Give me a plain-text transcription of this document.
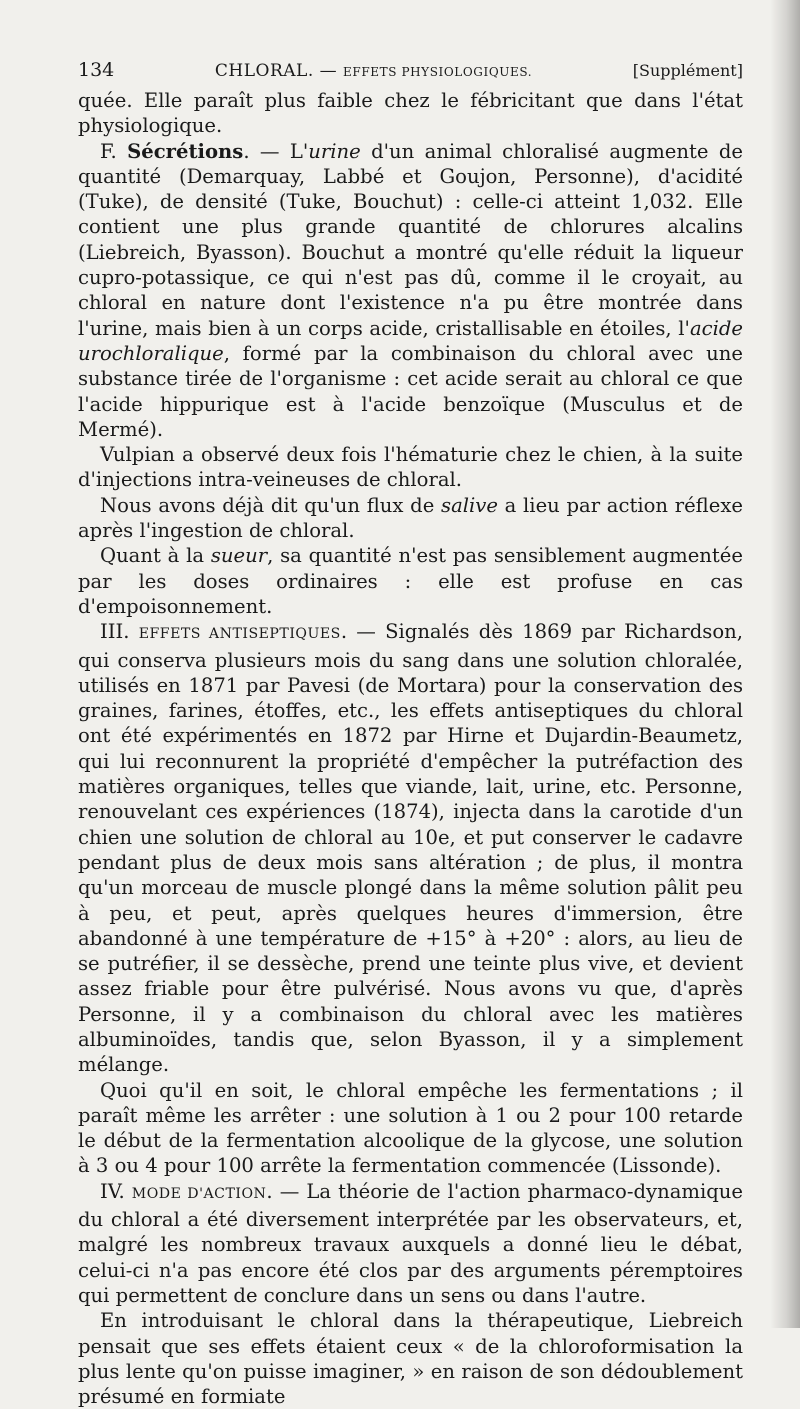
134	CHLORAL. — EFFETS PHYSIOLOGIQUES.	[Supplément]

quée. Elle paraît plus faible chez le fébricitant que dans l'état physiologique.

F. Sécrétions. — L'urine d'un animal chloralisé augmente de quantité (Demarquay, Labbé et Goujon, Personne), d'acidité (Tuke), de densité (Tuke, Bouchut) : celle-ci atteint 1,032. Elle contient une plus grande quantité de chlorures alcalins (Liebreich, Byasson). Bouchut a montré qu'elle réduit la liqueur cupro-potassique, ce qui n'est pas dû, comme il le croyait, au chloral en nature dont l'existence n'a pu être montrée dans l'urine, mais bien à un corps acide, cristallisable en étoiles, l'acide urochloralique, formé par la combinaison du chloral avec une substance tirée de l'organisme : cet acide serait au chloral ce que l'acide hippurique est à l'acide benzoïque (Musculus et de Mermé).

Vulpian a observé deux fois l'hématurie chez le chien, à la suite d'injections intra-veineuses de chloral.

Nous avons déjà dit qu'un flux de salive a lieu par action réflexe après l'ingestion de chloral.

Quant à la sueur, sa quantité n'est pas sensiblement augmentée par les doses ordinaires : elle est profuse en cas d'empoisonnement.

III. EFFETS ANTISEPTIQUES. — Signalés dès 1869 par Richardson, qui conserva plusieurs mois du sang dans une solution chloralée, utilisés en 1871 par Pavesi (de Mortara) pour la conservation des graines, farines, étoffes, etc., les effets antiseptiques du chloral ont été expérimentés en 1872 par Hirne et Dujardin-Beaumetz, qui lui reconnurent la propriété d'empêcher la putréfaction des matières organiques, telles que viande, lait, urine, etc. Personne, renouvelant ces expériences (1874), injecta dans la carotide d'un chien une solution de chloral au 10e, et put conserver le cadavre pendant plus de deux mois sans altération ; de plus, il montra qu'un morceau de muscle plongé dans la même solution pâlit peu à peu, et peut, après quelques heures d'immersion, être abandonné à une température de +15° à +20° : alors, au lieu de se putréfier, il se dessèche, prend une teinte plus vive, et devient assez friable pour être pulvérisé. Nous avons vu que, d'après Personne, il y a combinaison du chloral avec les matières albuminoïdes, tandis que, selon Byasson, il y a simplement mélange.

Quoi qu'il en soit, le chloral empêche les fermentations ; il paraît même les arrêter : une solution à 1 ou 2 pour 100 retarde le début de la fermentation alcoolique de la glycose, une solution à 3 ou 4 pour 100 arrête la fermentation commencée (Lissonde).

IV. MODE D'ACTION. — La théorie de l'action pharmaco-dynamique du chloral a été diversement interprétée par les observateurs, et, malgré les nombreux travaux auxquels a donné lieu le débat, celui-ci n'a pas encore été clos par des arguments péremptoires qui permettent de conclure dans un sens ou dans l'autre.

En introduisant le chloral dans la thérapeutique, Liebreich pensait que ses effets étaient ceux « de la chloroformisation la plus lente qu'on puisse imaginer, » en raison de son dédoublement présumé en formiate
